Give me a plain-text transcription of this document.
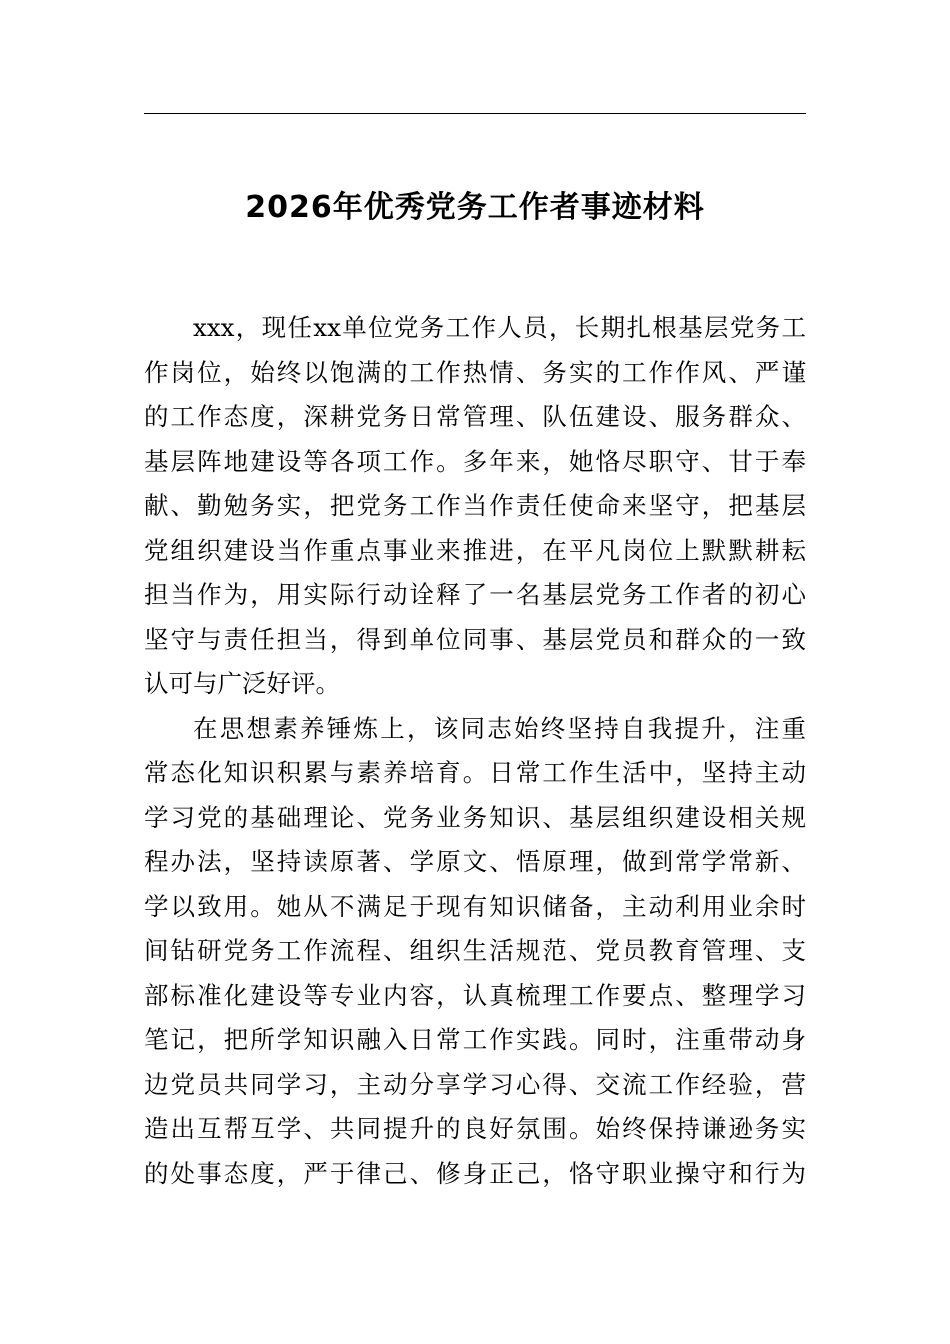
2026年优秀党务工作者事迹材料
xxx，现任xx单位党务工作人员，长期扎根基层党务工
作岗位，始终以饱满的工作热情、务实的工作作风、严谨
的工作态度，深耕党务日常管理、队伍建设、服务群众、
基层阵地建设等各项工作。多年来，她恪尽职守、甘于奉
献、勤勉务实，把党务工作当作责任使命来坚守，把基层
党组织建设当作重点事业来推进，在平凡岗位上默默耕耘
担当作为，用实际行动诠释了一名基层党务工作者的初心
坚守与责任担当，得到单位同事、基层党员和群众的一致
认可与广泛好评。
在思想素养锤炼上，该同志始终坚持自我提升，注重
常态化知识积累与素养培育。日常工作生活中，坚持主动
学习党的基础理论、党务业务知识、基层组织建设相关规
程办法，坚持读原著、学原文、悟原理，做到常学常新、
学以致用。她从不满足于现有知识储备，主动利用业余时
间钻研党务工作流程、组织生活规范、党员教育管理、支
部标准化建设等专业内容，认真梳理工作要点、整理学习
笔记，把所学知识融入日常工作实践。同时，注重带动身
边党员共同学习，主动分享学习心得、交流工作经验，营
造出互帮互学、共同提升的良好氛围。始终保持谦逊务实
的处事态度，严于律己、修身正己，恪守职业操守和行为
